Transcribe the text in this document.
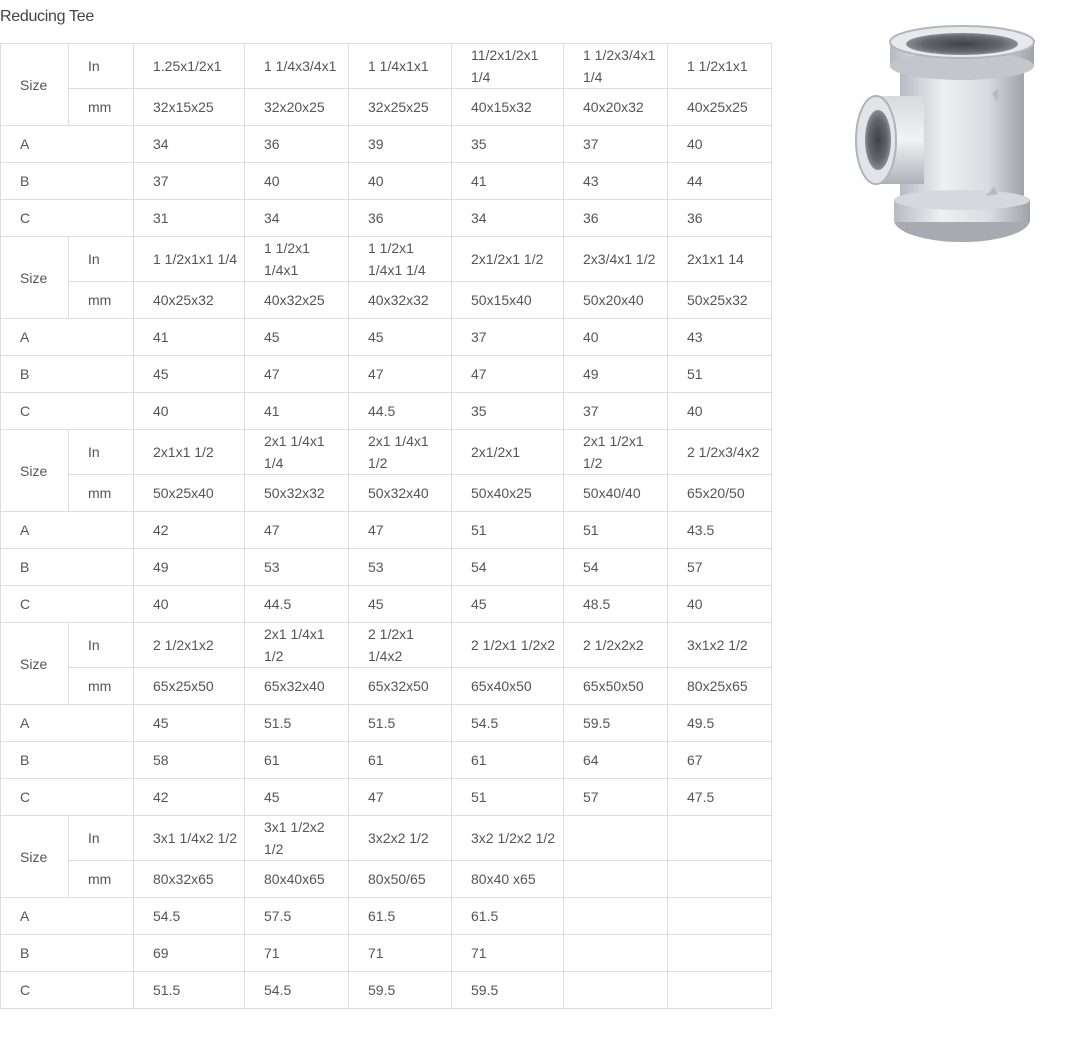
Reducing Tee
Size	In	1.25x1/2x1	1 1/4x3/4x1	1 1/4x1x1	11/2x1/2x1 1/4	1 1/2x3/4x1 1/4	1 1/2x1x1
	mm	32x15x25	32x20x25	32x25x25	40x15x32	40x20x32	40x25x25
A		34	36	39	35	37	40
B		37	40	40	41	43	44
C		31	34	36	34	36	36
Size	In	1 1/2x1x1 1/4	1 1/2x1 1/4x1	1 1/2x1 1/4x1 1/4	2x1/2x1 1/2	2x3/4x1 1/2	2x1x1 14
	mm	40x25x32	40x32x25	40x32x32	50x15x40	50x20x40	50x25x32
A		41	45	45	37	40	43
B		45	47	47	47	49	51
C		40	41	44.5	35	37	40
Size	In	2x1x1 1/2	2x1 1/4x1 1/4	2x1 1/4x1 1/2	2x1/2x1	2x1 1/2x1 1/2	2 1/2x3/4x2
	mm	50x25x40	50x32x32	50x32x40	50x40x25	50x40/40	65x20/50
A		42	47	47	51	51	43.5
B		49	53	53	54	54	57
C		40	44.5	45	45	48.5	40
Size	In	2 1/2x1x2	2x1 1/4x1 1/2	2 1/2x1 1/4x2	2 1/2x1 1/2x2	2 1/2x2x2	3x1x2 1/2
	mm	65x25x50	65x32x40	65x32x50	65x40x50	65x50x50	80x25x65
A		45	51.5	51.5	54.5	59.5	49.5
B		58	61	61	61	64	67
C		42	45	47	51	57	47.5
Size	In	3x1 1/4x2 1/2	3x1 1/2x2 1/2	3x2x2 1/2	3x2 1/2x2 1/2		
	mm	80x32x65	80x40x65	80x50/65	80x40 x65		
A		54.5	57.5	61.5	61.5		
B		69	71	71	71		
C		51.5	54.5	59.5	59.5		
